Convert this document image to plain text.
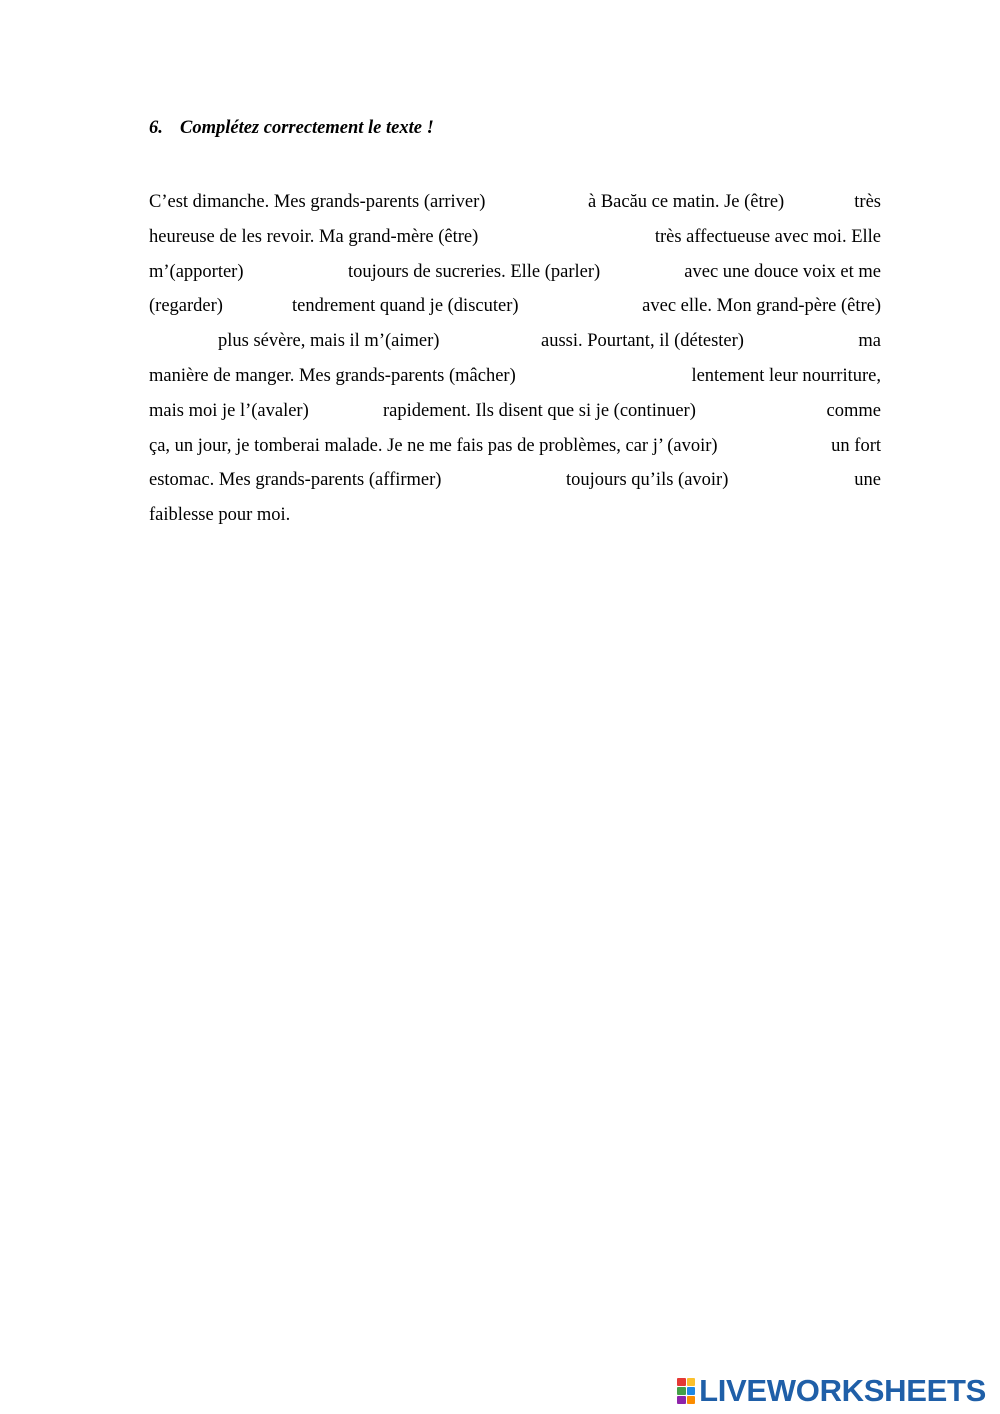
6. Complétez correctement le texte !
C’est dimanche. Mes grands-parents (arriver)	à Bacău ce matin. Je (être)	très
heureuse de les revoir. Ma grand-mère (être)	très affectueuse avec moi. Elle
m’(apporter)	toujours de sucreries. Elle (parler)	avec une douce voix et me
(regarder)	tendrement quand je (discuter)	avec elle. Mon grand-père (être)
plus sévère, mais il m’(aimer)	aussi. Pourtant, il (détester)	ma
manière de manger. Mes grands-parents (mâcher)	lentement leur nourriture,
mais moi je l’(avaler)	rapidement. Ils disent que si je (continuer)	comme
ça, un jour, je tomberai malade. Je ne me fais pas de problèmes, car j’ (avoir)	un fort
estomac. Mes grands-parents (affirmer)	toujours qu’ils (avoir)	une
faiblesse pour moi.
LIVEWORKSHEETS
